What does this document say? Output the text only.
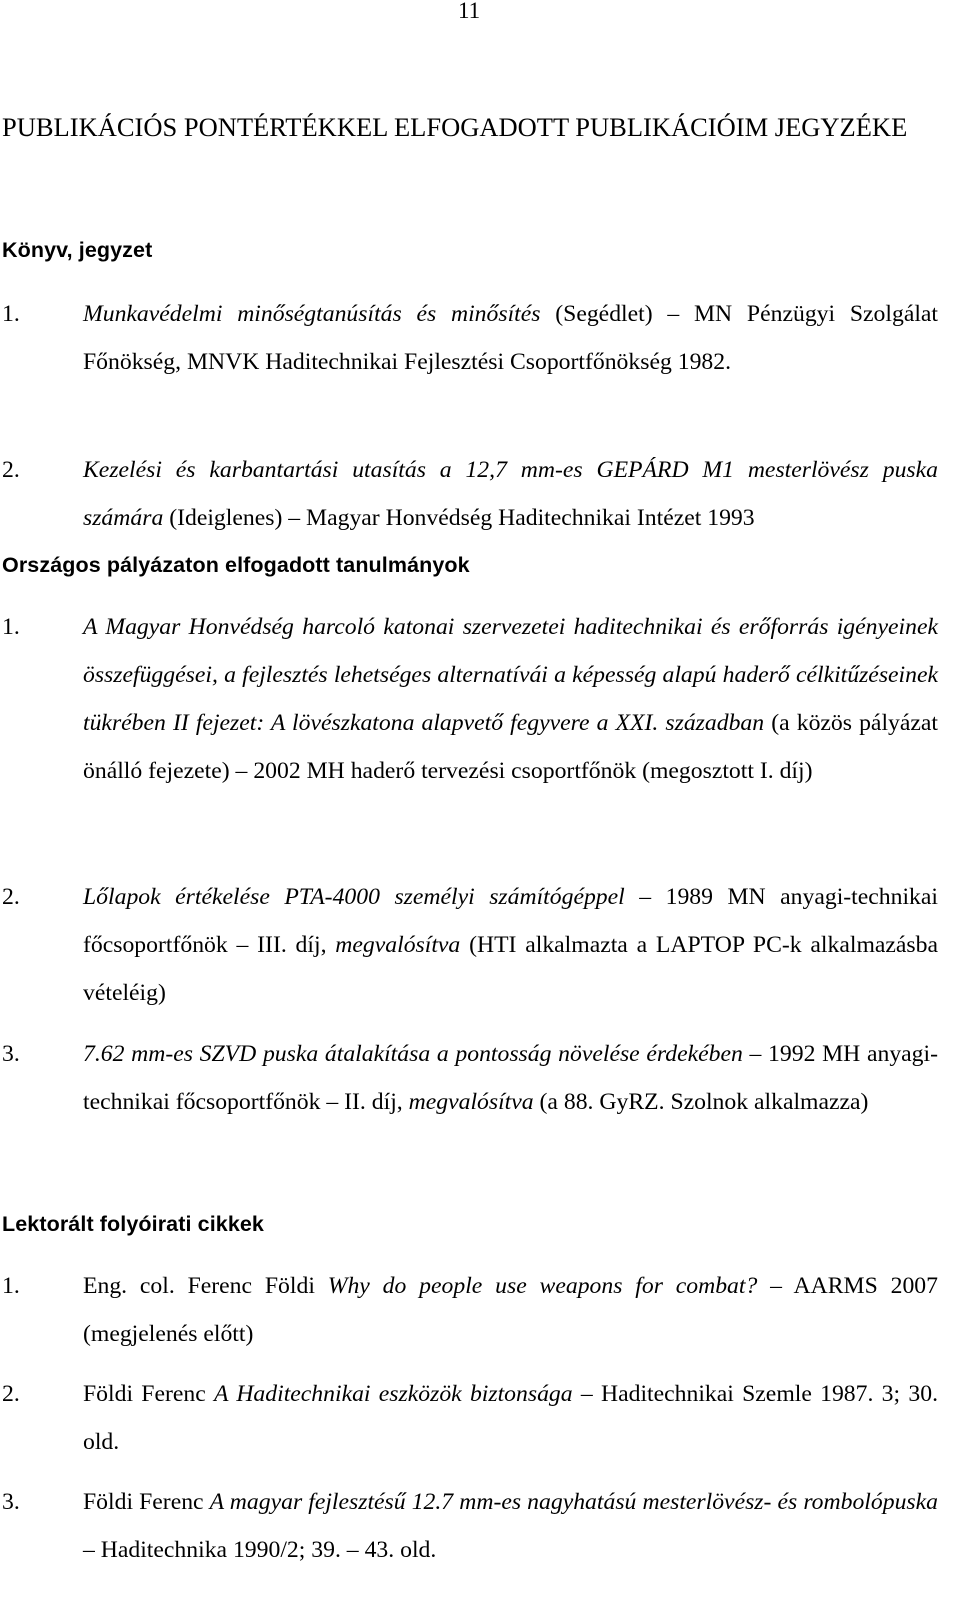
11
PUBLIKÁCIÓS PONTÉRTÉKKEL ELFOGADOTT PUBLIKÁCIÓIM JEGYZÉKE
Könyv, jegyzet
1.	Munkavédelmi minőségtanúsítás és minősítés (Segédlet) – MN Pénzügyi Szolgálat Főnökség, MNVK Haditechnikai Fejlesztési Csoportfőnökség 1982.
2.	Kezelési és karbantartási utasítás a 12,7 mm-es GEPÁRD M1 mesterlövész puska számára (Ideiglenes) – Magyar Honvédség Haditechnikai Intézet 1993
Országos pályázaton elfogadott tanulmányok
1.	A Magyar Honvédség harcoló katonai szervezetei haditechnikai és erőforrás igényeinek összefüggései, a fejlesztés lehetséges alternatívái a képesség alapú haderő célkitűzéseinek tükrében II fejezet: A lövészkatona alapvető fegyvere a XXI. században (a közös pályázat önálló fejezete) – 2002 MH haderő tervezési csoportfőnök (megosztott I. díj)
2.	Lőlapok értékelése PTA-4000 személyi számítógéppel – 1989 MN anyagi-technikai főcsoportfőnök – III. díj, megvalósítva (HTI alkalmazta a LAPTOP PC-k alkalmazásba vételéig)
3.	7.62 mm-es SZVD puska átalakítása a pontosság növelése érdekében – 1992 MH anyagi-technikai főcsoportfőnök – II. díj, megvalósítva (a 88. GyRZ. Szolnok alkalmazza)
Lektorált folyóirati cikkek
1.	Eng. col. Ferenc Földi Why do people use weapons for combat? – AARMS 2007 (megjelenés előtt)
2.	Földi Ferenc A Haditechnikai eszközök biztonsága – Haditechnikai Szemle 1987. 3; 30. old.
3.	Földi Ferenc A magyar fejlesztésű 12.7 mm-es nagyhatású mesterlövész- és rombolópuska – Haditechnika 1990/2; 39. – 43. old.
